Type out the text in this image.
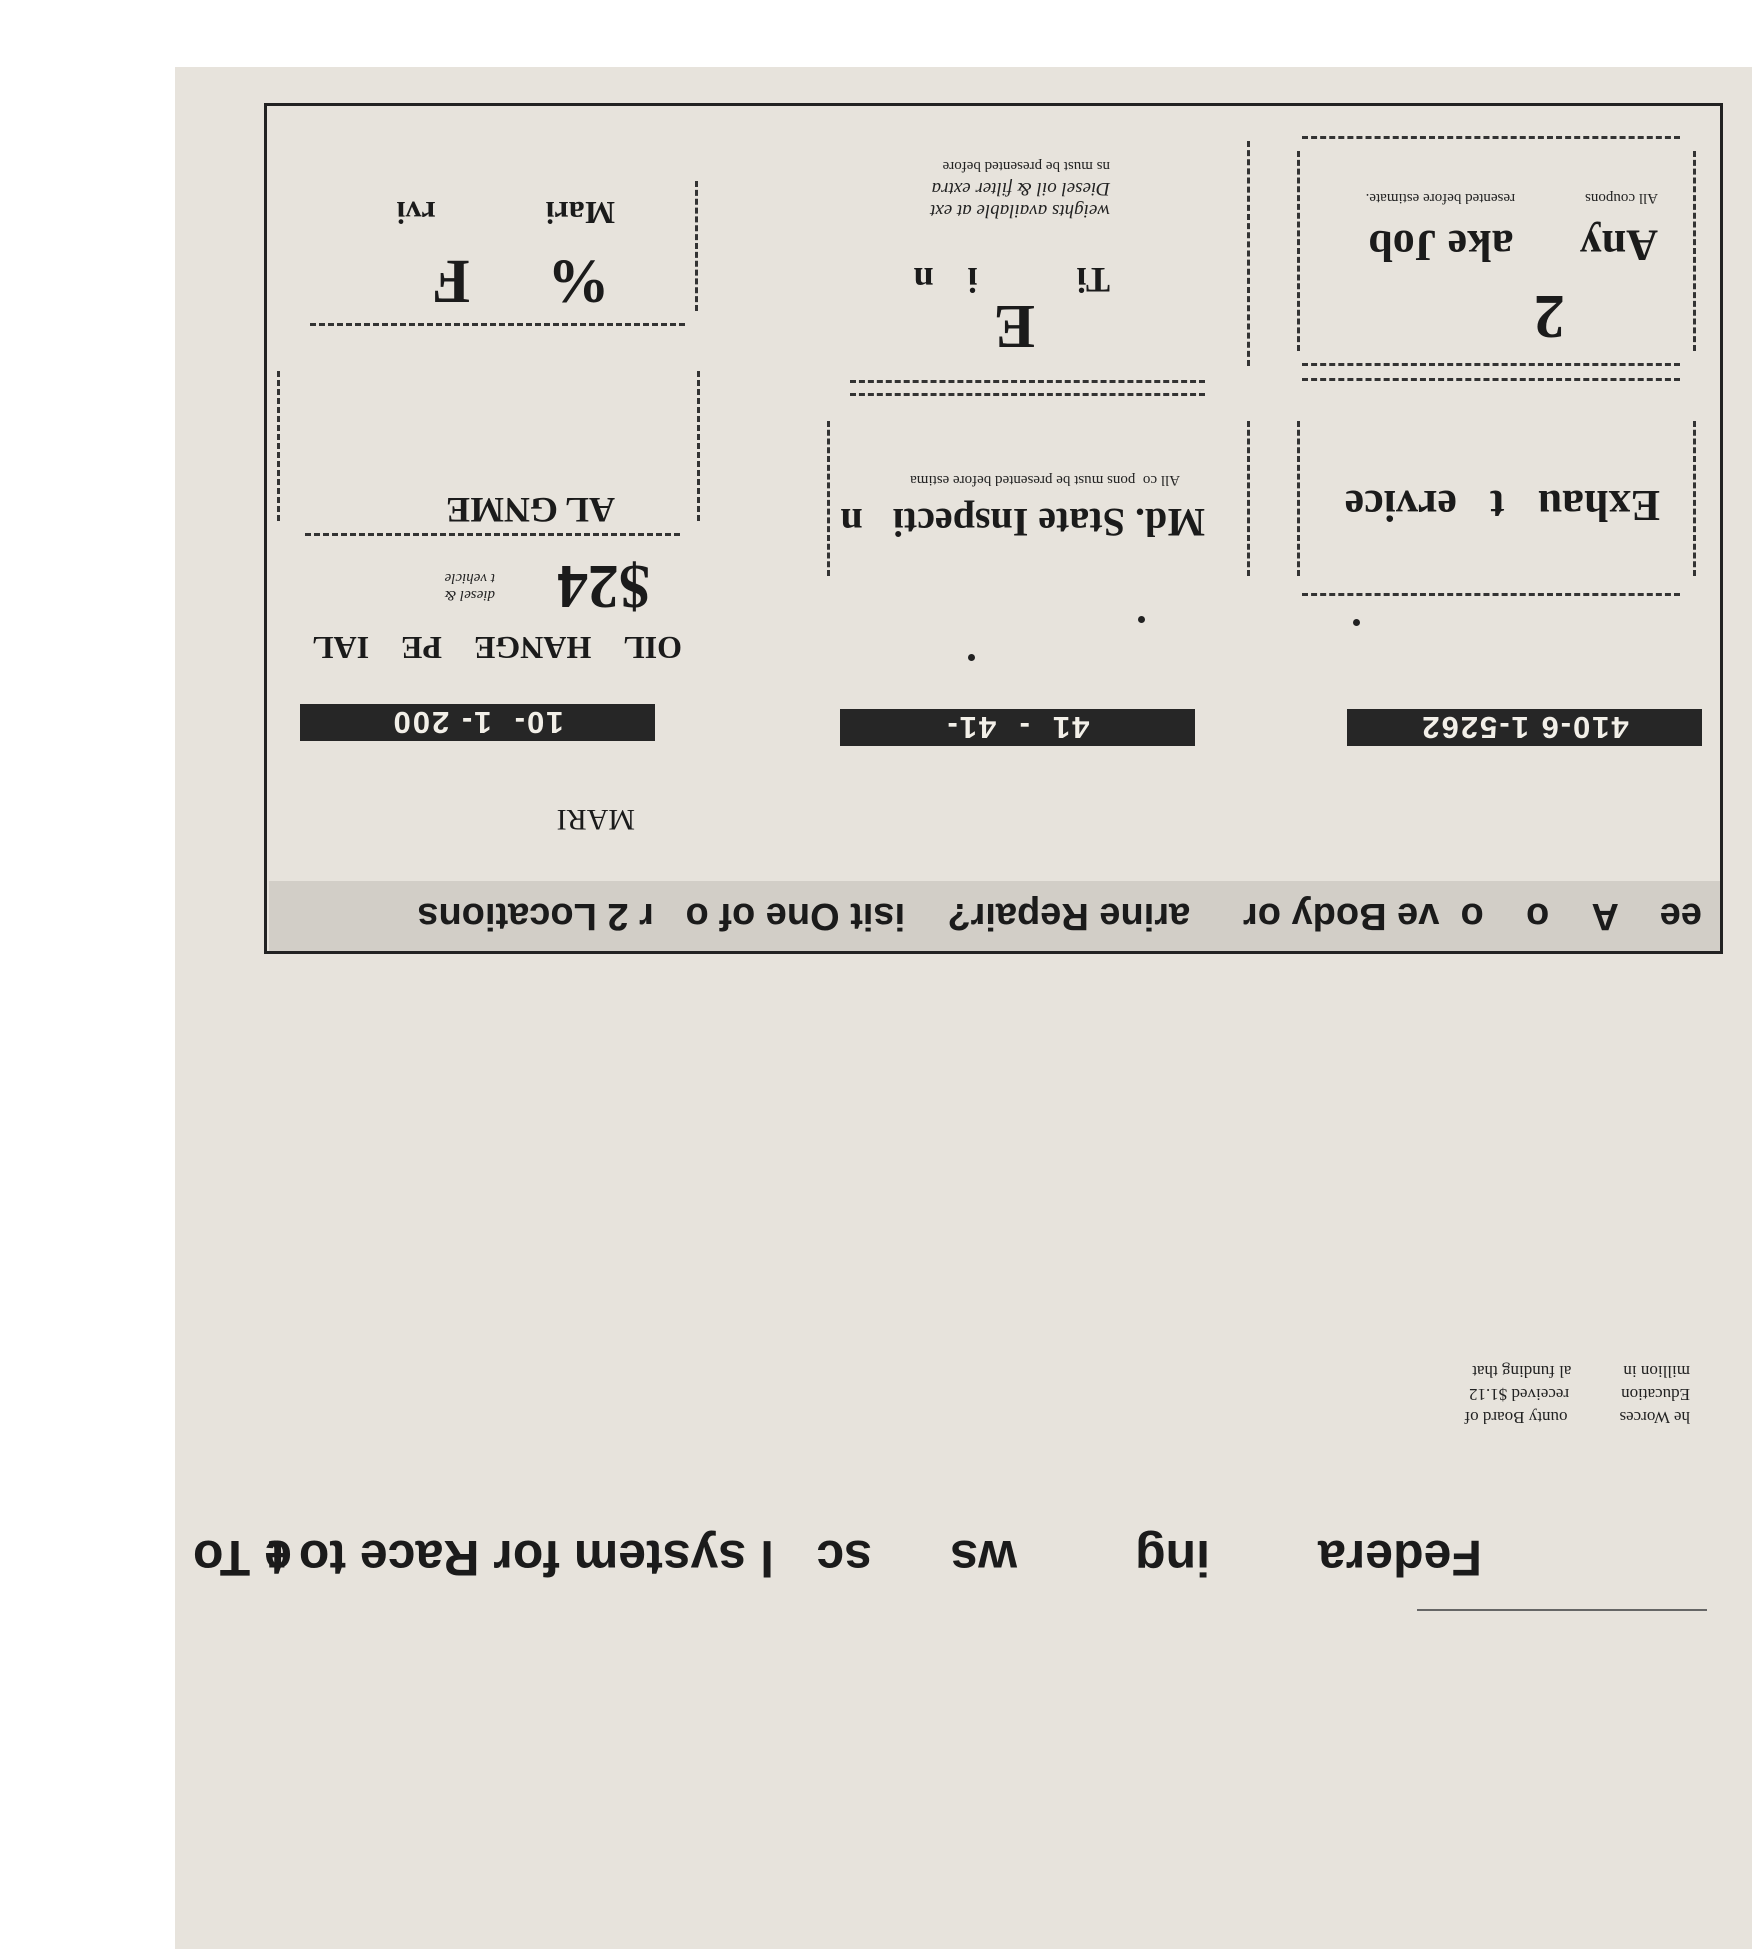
Federa
ing
ws
sc
l system for Race to t
e To
he Worcesounty Board of
Educationreceived $1.12
million inal funding that
ee    A    o    o  ve Body or     arine Repair?    isit One of o   r 2 Locations
MARI
410-6 1-5262
Exhau   t   ervice
2
Any      ake Job
All couponsresented before estimate.
41  -  41-
Md. State Inspecti   n
All co  pons must be presented before estima
E
Ti i n
weights available at ext
Diesel oil & filter extra
ns must be presented before
10-  1- 200
OIL    HANGE    PE    IAL
$24
diesel &
t vehicle
AL GNME
%
F
Marirvi
